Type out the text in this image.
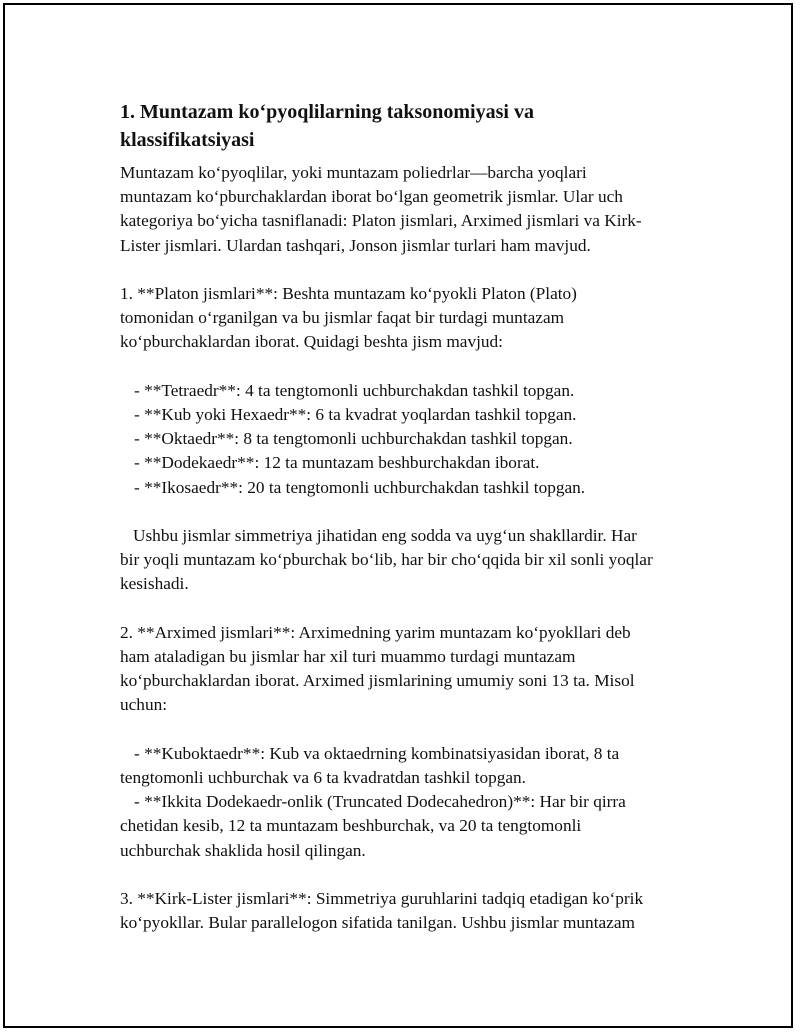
1. Muntazam ko‘pyoqlilarning taksonomiyasi va
klassifikatsiyasi

Muntazam ko‘pyoqlilar, yoki muntazam poliedrlar—barcha yoqlari

muntazam ko‘pburchaklardan iborat bo‘lgan geometrik jismlar. Ular uch

kategoriya bo‘yicha tasniflanadi: Platon jismlari, Arximed jismlari va Kirk-

Lister jismlari. Ulardan tashqari, Jonson jismlar turlari ham mavjud.

1. **Platon jismlari**: Beshta muntazam ko‘pyokli Platon (Plato)

tomonidan o‘rganilgan va bu jismlar faqat bir turdagi muntazam

ko‘pburchaklardan iborat. Quidagi beshta jism mavjud:

- **Tetraedr**: 4 ta tengtomonli uchburchakdan tashkil topgan.

- **Kub yoki Hexaedr**: 6 ta kvadrat yoqlardan tashkil topgan.

- **Oktaedr**: 8 ta tengtomonli uchburchakdan tashkil topgan.

- **Dodekaedr**: 12 ta muntazam beshburchakdan iborat.

- **Ikosaedr**: 20 ta tengtomonli uchburchakdan tashkil topgan.

Ushbu jismlar simmetriya jihatidan eng sodda va uyg‘un shakllardir. Har

bir yoqli muntazam ko‘pburchak bo‘lib, har bir cho‘qqida bir xil sonli yoqlar

kesishadi.

2. **Arximed jismlari**: Arximedning yarim muntazam ko‘pyokllari deb

ham ataladigan bu jismlar har xil turi muammo turdagi muntazam

ko‘pburchaklardan iborat. Arximed jismlarining umumiy soni 13 ta. Misol

uchun:

- **Kuboktaedr**: Kub va oktaedrning kombinatsiyasidan iborat, 8 ta

tengtomonli uchburchak va 6 ta kvadratdan tashkil topgan.

- **Ikkita Dodekaedr-onlik (Truncated Dodecahedron)**: Har bir qirra

chetidan kesib, 12 ta muntazam beshburchak, va 20 ta tengtomonli

uchburchak shaklida hosil qilingan.

3. **Kirk-Lister jismlari**: Simmetriya guruhlarini tadqiq etadigan ko‘prik

ko‘pyokllar. Bular parallelogon sifatida tanilgan. Ushbu jismlar muntazam
